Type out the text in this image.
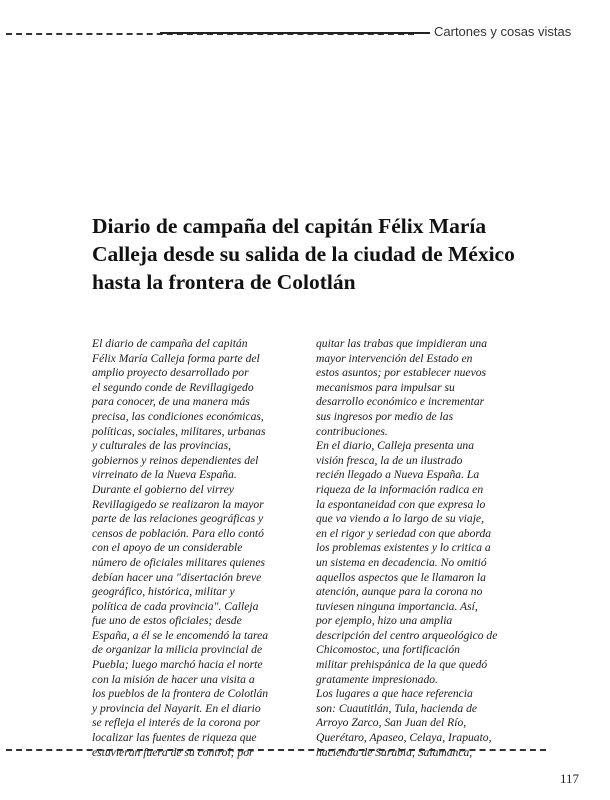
Cartones y cosas vistas
Diario de campaña del capitán Félix María
Calleja desde su salida de la ciudad de México
hasta la frontera de Colotlán
El diario de campaña del capitán
Félix María Calleja forma parte del
amplio proyecto desarrollado por
el segundo conde de Revillagigedo
para conocer, de una manera más
precisa, las condiciones económicas,
políticas, sociales, militares, urbanas
y culturales de las provincias,
gobiernos y reinos dependientes del
virreinato de la Nueva España.
Durante el gobierno del virrey
Revillagigedo se realizaron la mayor
parte de las relaciones geográficas y
censos de población. Para ello contó
con el apoyo de un considerable
número de oficiales militares quienes
debían hacer una "disertación breve
geográfico, histórica, militar y
política de cada provincia". Calleja
fue uno de estos oficiales; desde
España, a él se le encomendó la tarea
de organizar la milicia provincial de
Puebla; luego marchó hacia el norte
con la misión de hacer una visita a
los pueblos de la frontera de Colotlán
y provincia del Nayarit. En el diario
se refleja el interés de la corona por
localizar las fuentes de riqueza que
estuvieran fuera de su control; por
quitar las trabas que impidieran una
mayor intervención del Estado en
estos asuntos; por establecer nuevos
mecanismos para impulsar su
desarrollo económico e incrementar
sus ingresos por medio de las
contribuciones.
En el diario, Calleja presenta una
visión fresca, la de un ilustrado
recién llegado a Nueva España. La
riqueza de la información radica en
la espontaneidad con que expresa lo
que va viendo a lo largo de su viaje,
en el rigor y seriedad con que aborda
los problemas existentes y lo critica a
un sistema en decadencia. No omitió
aquellos aspectos que le llamaron la
atención, aunque para la corona no
tuviesen ninguna importancia. Así,
por ejemplo, hizo una amplia
descripción del centro arqueológico de
Chicomostoc, una fortificación
militar prehispánica de la que quedó
gratamente impresionado.
Los lugares a que hace referencia
son: Cuautitlán, Tula, hacienda de
Arroyo Zarco, San Juan del Río,
Querétaro, Apaseo, Celaya, Irapuato,
hacienda de Sarabia, Salamanca,
117
